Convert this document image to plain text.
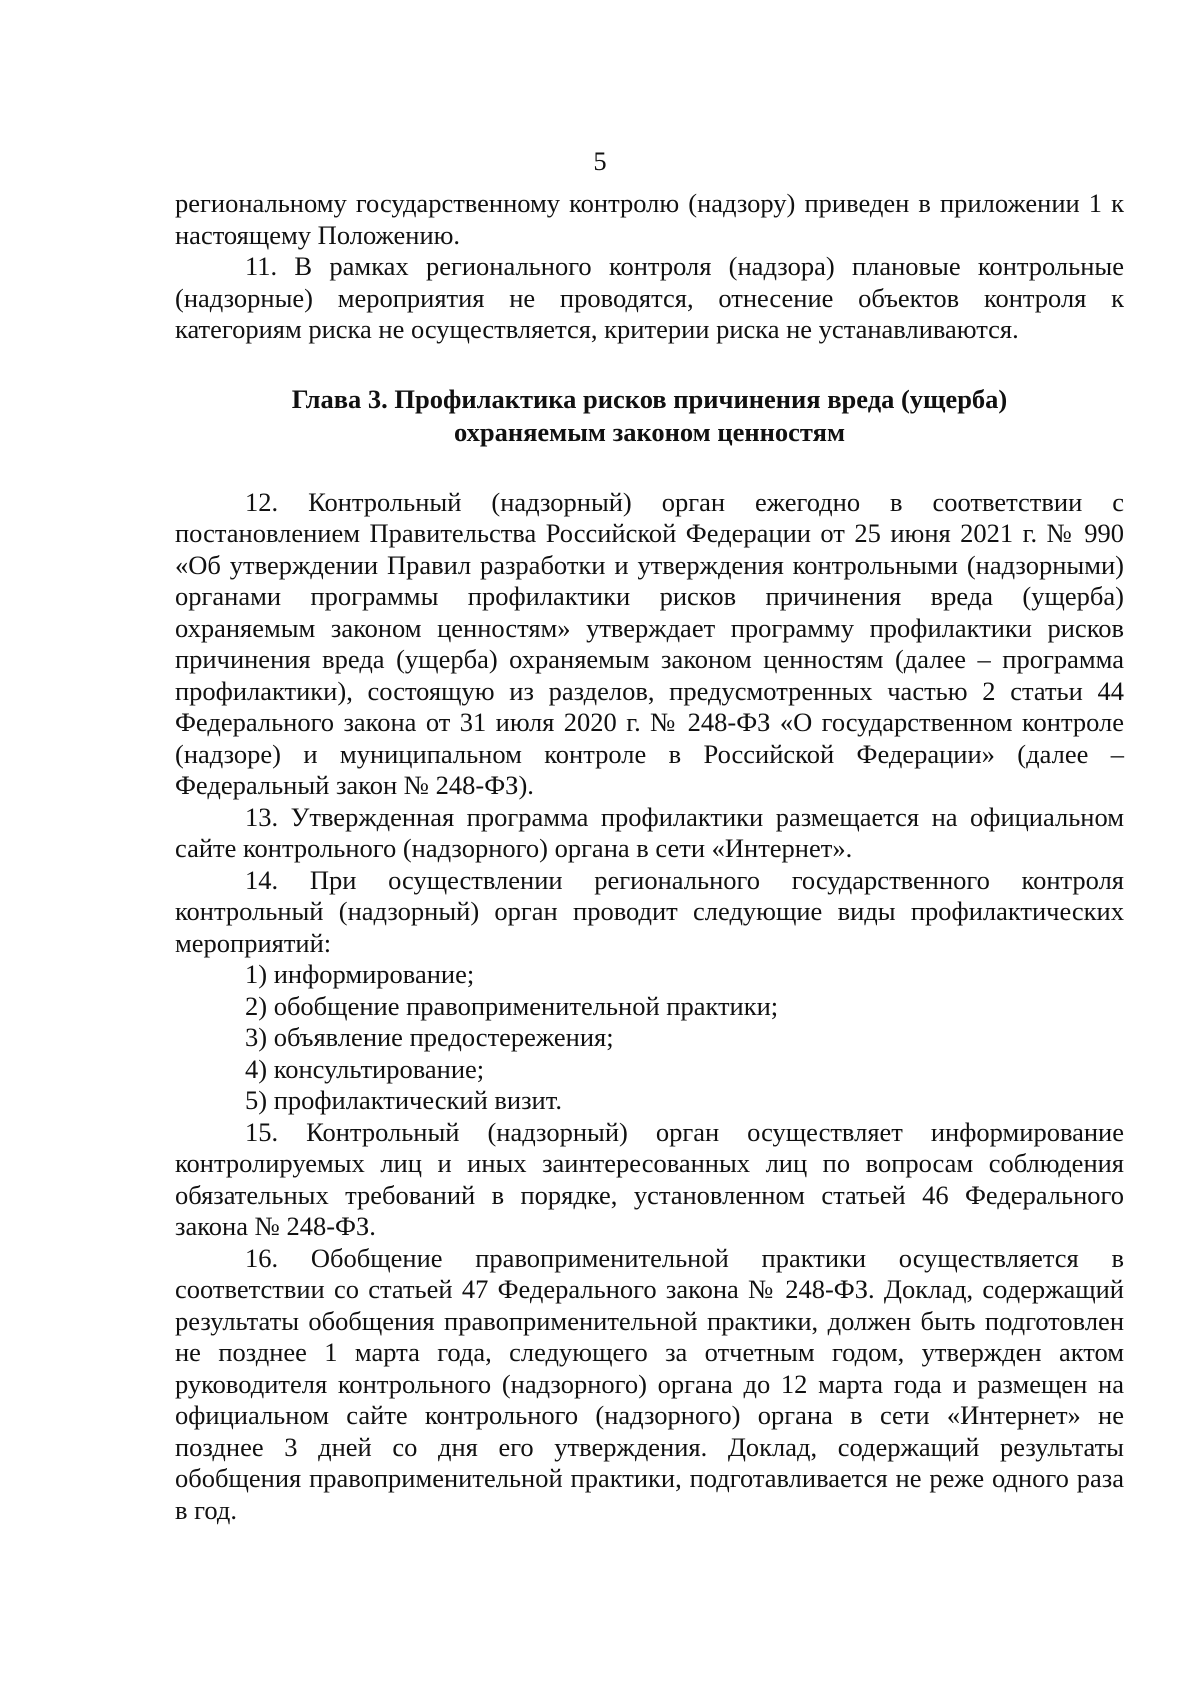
5

региональному государственному контролю (надзору) приведен в приложении 1 к настоящему Положению.

11. В рамках регионального контроля (надзора) плановые контрольные (надзорные) мероприятия не проводятся, отнесение объектов контроля к категориям риска не осуществляется, критерии риска не устанавливаются.

Глава 3. Профилактика рисков причинения вреда (ущерба)
охраняемым законом ценностям

12. Контрольный (надзорный) орган ежегодно в соответствии с постановлением Правительства Российской Федерации от 25 июня 2021 г. № 990 «Об утверждении Правил разработки и утверждения контрольными (надзорными) органами программы профилактики рисков причинения вреда (ущерба) охраняемым законом ценностям» утверждает программу профилактики рисков причинения вреда (ущерба) охраняемым законом ценностям (далее – программа профилактики), состоящую из разделов, предусмотренных частью 2 статьи 44 Федерального закона от 31 июля 2020 г. № 248-ФЗ «О государственном контроле (надзоре) и муниципальном контроле в Российской Федерации» (далее – Федеральный закон № 248-ФЗ).

13. Утвержденная программа профилактики размещается на официальном сайте контрольного (надзорного) органа в сети «Интернет».

14. При осуществлении регионального государственного контроля контрольный (надзорный) орган проводит следующие виды профилактических мероприятий:

1) информирование;

2) обобщение правоприменительной практики;

3) объявление предостережения;

4) консультирование;

5) профилактический визит.

15. Контрольный (надзорный) орган осуществляет информирование контролируемых лиц и иных заинтересованных лиц по вопросам соблюдения обязательных требований в порядке, установленном статьей 46 Федерального закона № 248-ФЗ.

16. Обобщение правоприменительной практики осуществляется в соответствии со статьей 47 Федерального закона № 248-ФЗ. Доклад, содержащий результаты обобщения правоприменительной практики, должен быть подготовлен не позднее 1 марта года, следующего за отчетным годом, утвержден актом руководителя контрольного (надзорного) органа до 12 марта года и размещен на официальном сайте контрольного (надзорного) органа в сети «Интернет» не позднее 3 дней со дня его утверждения. Доклад, содержащий результаты обобщения правоприменительной практики, подготавливается не реже одного раза в год.
